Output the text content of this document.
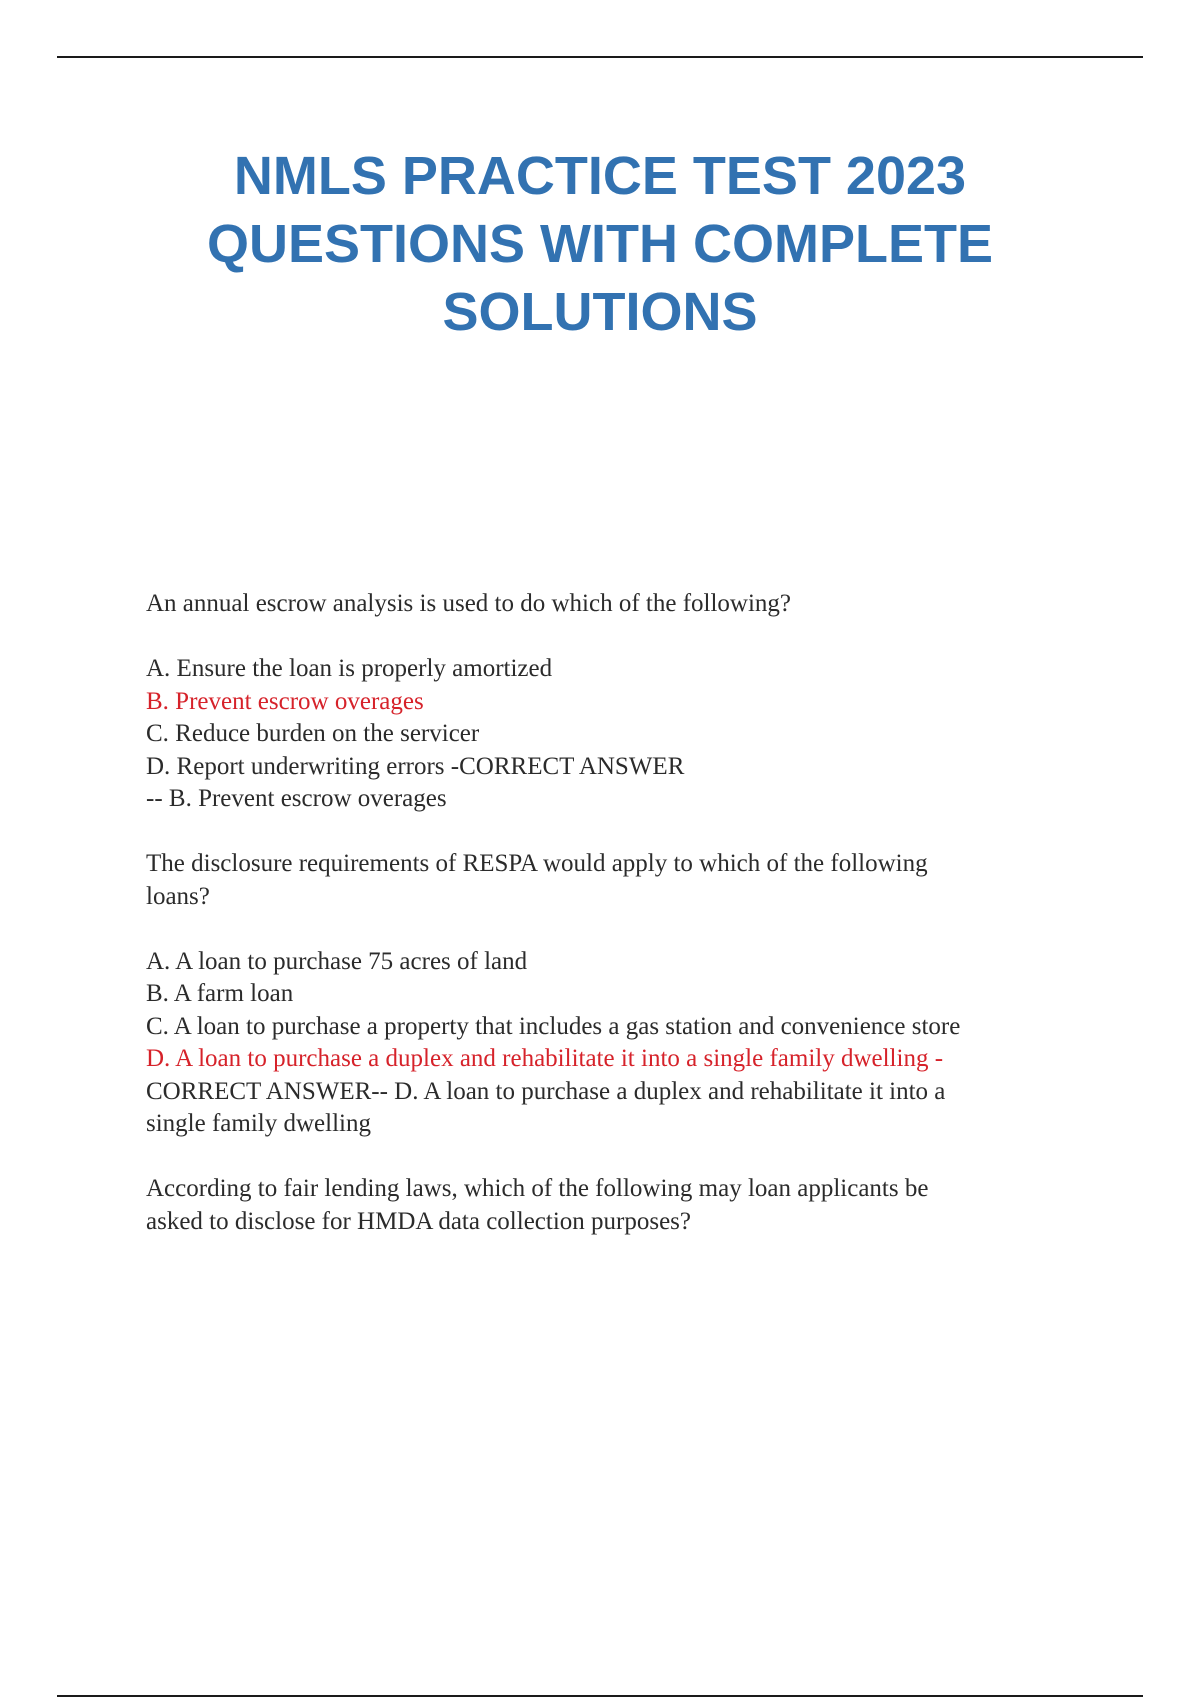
NMLS PRACTICE TEST 2023
QUESTIONS WITH COMPLETE
SOLUTIONS
An annual escrow analysis is used to do which of the following?
A. Ensure the loan is properly amortized
B. Prevent escrow overages
C. Reduce burden on the servicer
D. Report underwriting errors -CORRECT ANSWER
-- B. Prevent escrow overages
The disclosure requirements of RESPA would apply to which of the following
loans?
A. A loan to purchase 75 acres of land
B. A farm loan
C. A loan to purchase a property that includes a gas station and convenience store
D. A loan to purchase a duplex and rehabilitate it into a single family dwelling -
CORRECT ANSWER-- D. A loan to purchase a duplex and rehabilitate it into a
single family dwelling
According to fair lending laws, which of the following may loan applicants be
asked to disclose for HMDA data collection purposes?
